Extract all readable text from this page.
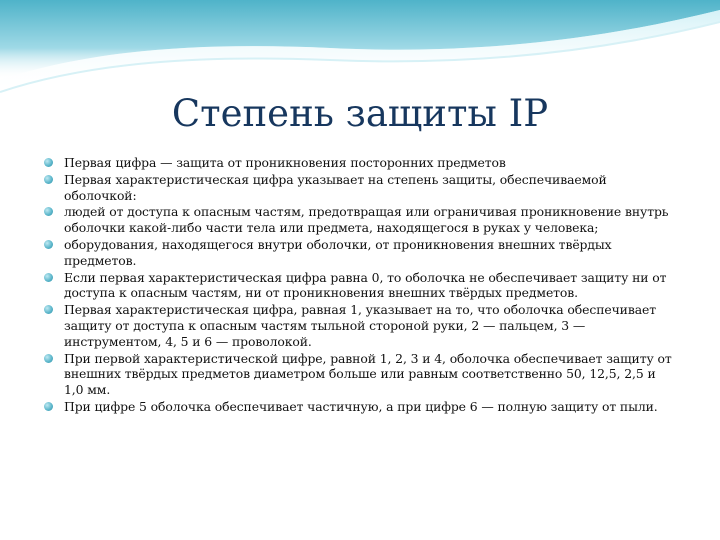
Степень защиты IP
Первая цифра — защита от проникновения посторонних предметов
Первая характеристическая цифра указывает на степень защиты, обеспечиваемой оболочкой:
людей от доступа к опасным частям, предотвращая или ограничивая проникновение внутрь оболочки какой-либо части тела или предмета, находящегося в руках у человека;
оборудования, находящегося внутри оболочки, от проникновения внешних твёрдых предметов.
Если первая характеристическая цифра равна 0, то оболочка не обеспечивает защиту ни от доступа к опасным частям, ни от проникновения внешних твёрдых предметов.
Первая характеристическая цифра, равная 1, указывает на то, что оболочка обеспечивает защиту от доступа к опасным частям тыльной стороной руки, 2 — пальцем, 3 — инструментом, 4, 5 и 6 — проволокой.
При первой характеристической цифре, равной 1, 2, 3 и 4, оболочка обеспечивает защиту от внешних твёрдых предметов диаметром больше или равным соответственно 50, 12,5, 2,5 и 1,0 мм.
При цифре 5 оболочка обеспечивает частичную, а при цифре 6 — полную защиту от пыли.
